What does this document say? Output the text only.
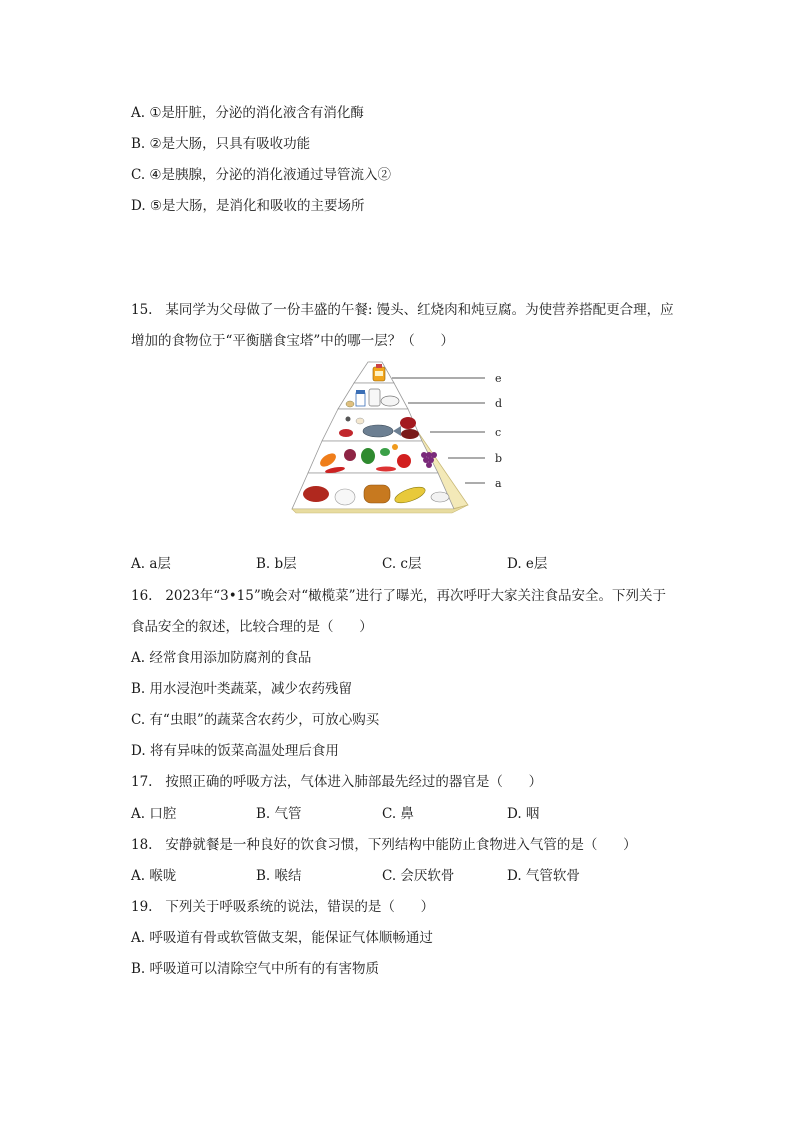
A. ①是肝脏，分泌的消化液含有消化酶
B. ②是大肠，只具有吸收功能
C. ④是胰腺，分泌的消化液通过导管流入②
D. ⑤是大肠，是消化和吸收的主要场所
15.   某同学为父母做了一份丰盛的午餐: 馒头、红烧肉和炖豆腐。为使营养搭配更合理，应
增加的食物位于“平衡膳食宝塔”中的哪一层？（      ）
e
d
c
b
a
A. a层	B. b层	C. c层	D. e层
16.   2023年“3•15”晚会对“橄榄菜”进行了曝光，再次呼吁大家关注食品安全。下列关于
食品安全的叙述，比较合理的是（      ）
A. 经常食用添加防腐剂的食品
B. 用水浸泡叶类蔬菜，减少农药残留
C. 有“虫眼”的蔬菜含农药少，可放心购买
D. 将有异味的饭菜高温处理后食用
17.   按照正确的呼吸方法，气体进入肺部最先经过的器官是（      ）
A. 口腔	B. 气管	C. 鼻	D. 咽
18.   安静就餐是一种良好的饮食习惯，下列结构中能防止食物进入气管的是（      ）
A. 喉咙	B. 喉结	C. 会厌软骨	D. 气管软骨
19.   下列关于呼吸系统的说法，错误的是（      ）
A. 呼吸道有骨或软管做支架，能保证气体顺畅通过
B. 呼吸道可以清除空气中所有的有害物质
